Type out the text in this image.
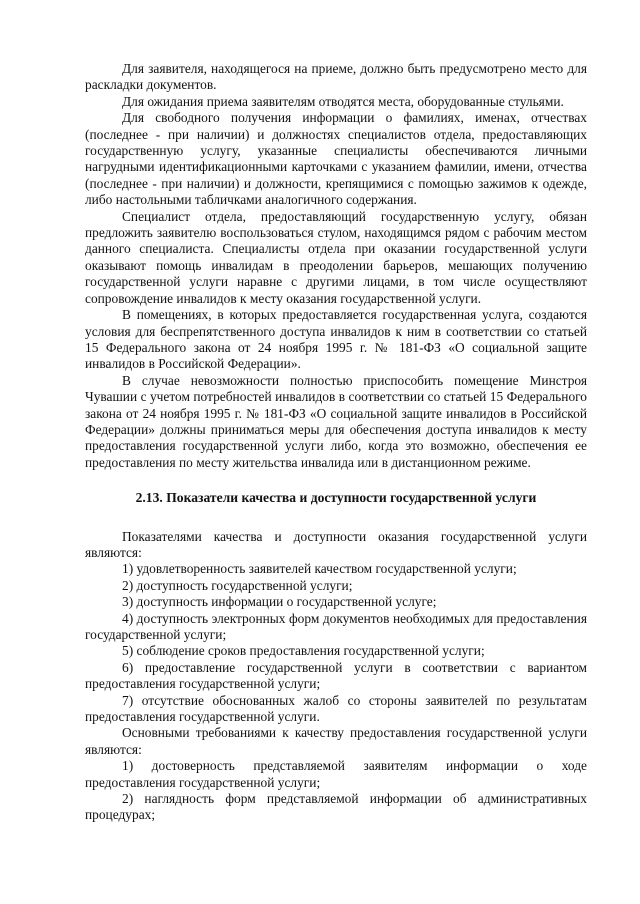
Для заявителя, находящегося на приеме, должно быть предусмотрено место для раскладки документов.

Для ожидания приема заявителям отводятся места, оборудованные стульями.

Для свободного получения информации о фамилиях, именах, отчествах (последнее - при наличии) и должностях специалистов отдела, предоставляющих государственную услугу, указанные специалисты обеспечиваются личными нагрудными идентификационными карточками с указанием фамилии, имени, отчества (последнее - при наличии) и должности, крепящимися с помощью зажимов к одежде, либо настольными табличками аналогичного содержания.

Специалист отдела, предоставляющий государственную услугу, обязан предложить заявителю воспользоваться стулом, находящимся рядом с рабочим местом данного специалиста. Специалисты отдела при оказании государственной услуги оказывают помощь инвалидам в преодолении барьеров, мешающих получению государственной услуги наравне с другими лицами, в том числе осуществляют сопровождение инвалидов к месту оказания государственной услуги.

В помещениях, в которых предоставляется государственная услуга, создаются условия для беспрепятственного доступа инвалидов к ним в соответствии со статьей 15 Федерального закона от 24 ноября 1995 г. № 181-ФЗ «О социальной защите инвалидов в Российской Федерации».

В случае невозможности полностью приспособить помещение Минстроя Чувашии с учетом потребностей инвалидов в соответствии со статьей 15 Федерального закона от 24 ноября 1995 г. № 181-ФЗ «О социальной защите инвалидов в Российской Федерации» должны приниматься меры для обеспечения доступа инвалидов к месту предоставления государственной услуги либо, когда это возможно, обеспечения ее предоставления по месту жительства инвалида или в дистанционном режиме.

2.13. Показатели качества и доступности государственной услуги

Показателями качества и доступности оказания государственной услуги являются:

1) удовлетворенность заявителей качеством государственной услуги;

2) доступность государственной услуги;

3) доступность информации о государственной услуге;

4) доступность электронных форм документов необходимых для предоставления государственной услуги;

5) соблюдение сроков предоставления государственной услуги;

6) предоставление государственной услуги в соответствии с вариантом предоставления государственной услуги;

7) отсутствие обоснованных жалоб со стороны заявителей по результатам предоставления государственной услуги.

Основными требованиями к качеству предоставления государственной услуги являются:

1) достоверность представляемой заявителям информации о ходе предоставления государственной услуги;

2) наглядность форм представляемой информации об административных процедурах;
